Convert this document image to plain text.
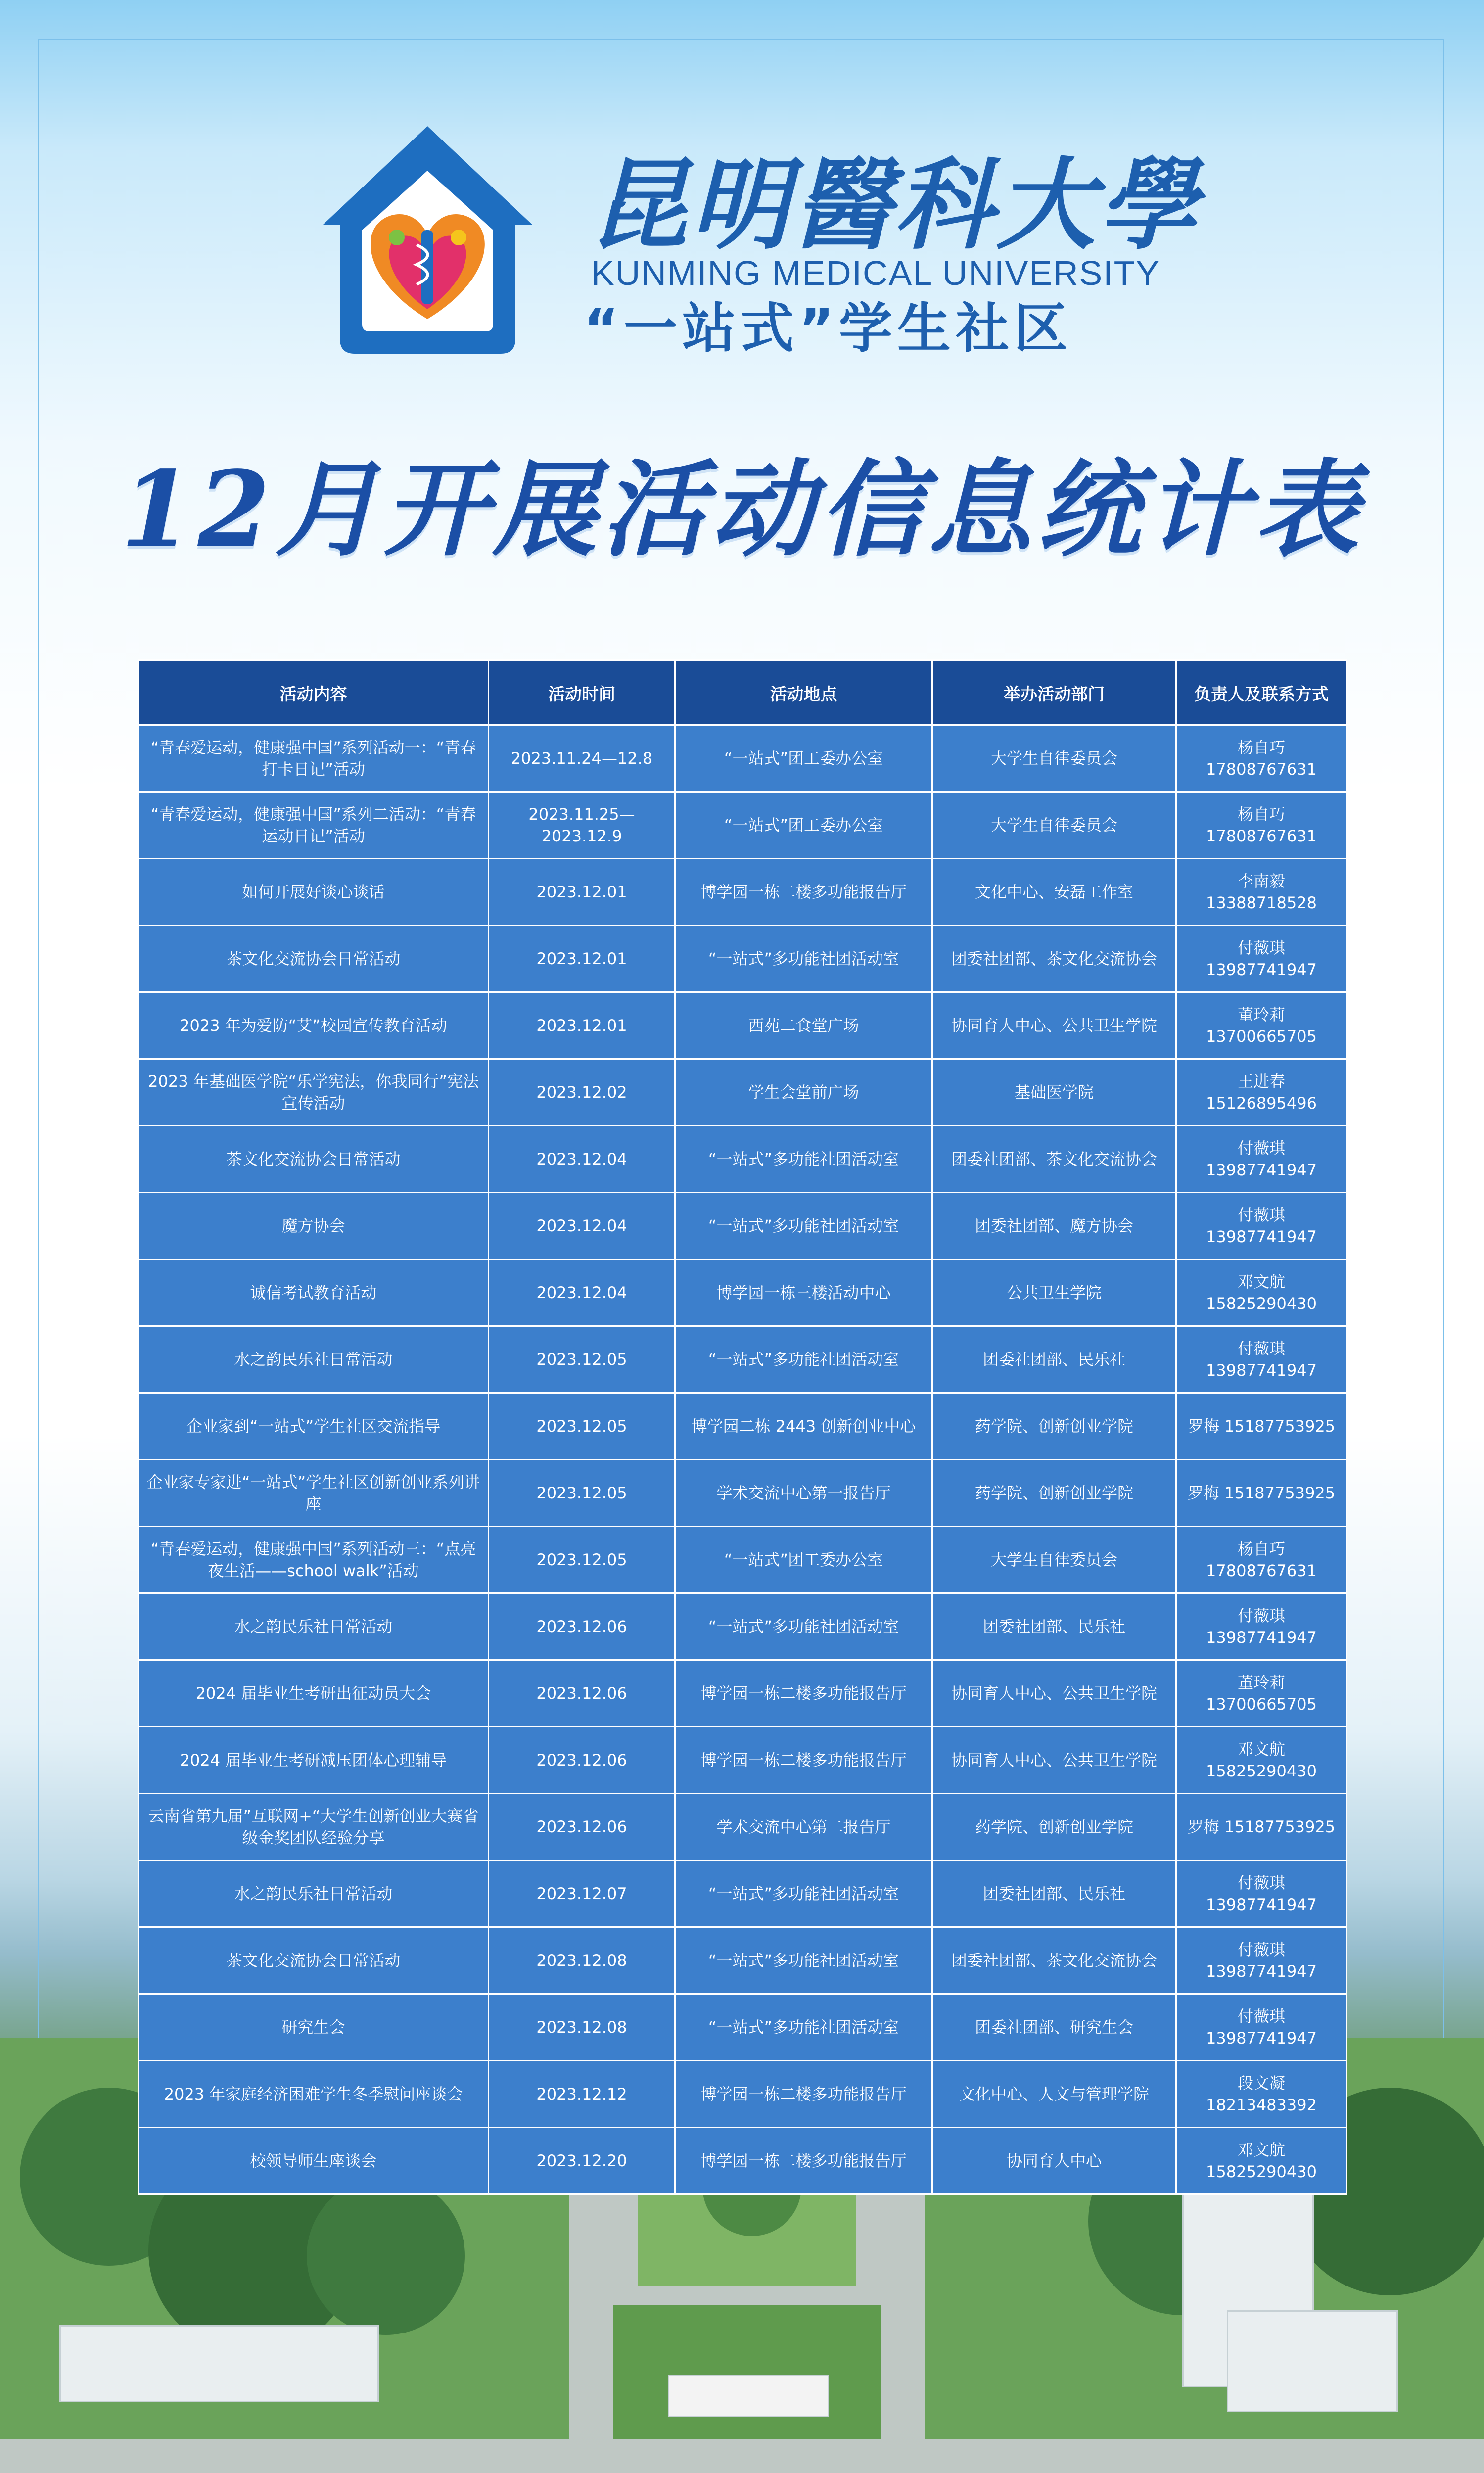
昆明醫科大學
KUNMING MEDICAL UNIVERSITY
“一站式”学生社区
12月开展活动信息统计表
活动内容	活动时间	活动地点	举办活动部门	负责人及联系方式
“青春爱运动，健康强中国”系列活动一：“青春打卡日记”活动	2023.11.24—12.8	“一站式”团工委办公室	大学生自律委员会	杨自巧 17808767631
“青春爱运动，健康强中国”系列二活动：“青春运动日记”活动	2023.11.25—2023.12.9	“一站式”团工委办公室	大学生自律委员会	杨自巧 17808767631
如何开展好谈心谈话	2023.12.01	博学园一栋二楼多功能报告厅	文化中心、安磊工作室	李南毅 13388718528
茶文化交流协会日常活动	2023.12.01	“一站式”多功能社团活动室	团委社团部、茶文化交流协会	付薇琪 13987741947
2023 年为爱防“艾”校园宣传教育活动	2023.12.01	西苑二食堂广场	协同育人中心、公共卫生学院	董玲莉 13700665705
2023 年基础医学院“乐学宪法，你我同行”宪法宣传活动	2023.12.02	学生会堂前广场	基础医学院	王进春 15126895496
茶文化交流协会日常活动	2023.12.04	“一站式”多功能社团活动室	团委社团部、茶文化交流协会	付薇琪 13987741947
魔方协会	2023.12.04	“一站式”多功能社团活动室	团委社团部、魔方协会	付薇琪 13987741947
诚信考试教育活动	2023.12.04	博学园一栋三楼活动中心	公共卫生学院	邓文航 15825290430
水之韵民乐社日常活动	2023.12.05	“一站式”多功能社团活动室	团委社团部、民乐社	付薇琪 13987741947
企业家到“一站式”学生社区交流指导	2023.12.05	博学园二栋 2443 创新创业中心	药学院、创新创业学院	罗梅 15187753925
企业家专家进“一站式”学生社区创新创业系列讲座	2023.12.05	学术交流中心第一报告厅	药学院、创新创业学院	罗梅 15187753925
“青春爱运动，健康强中国”系列活动三：“点亮夜生活——school walk”活动	2023.12.05	“一站式”团工委办公室	大学生自律委员会	杨自巧 17808767631
水之韵民乐社日常活动	2023.12.06	“一站式”多功能社团活动室	团委社团部、民乐社	付薇琪 13987741947
2024 届毕业生考研出征动员大会	2023.12.06	博学园一栋二楼多功能报告厅	协同育人中心、公共卫生学院	董玲莉 13700665705
2024 届毕业生考研减压团体心理辅导	2023.12.06	博学园一栋二楼多功能报告厅	协同育人中心、公共卫生学院	邓文航 15825290430
云南省第九届”互联网+“大学生创新创业大赛省级金奖团队经验分享	2023.12.06	学术交流中心第二报告厅	药学院、创新创业学院	罗梅 15187753925
水之韵民乐社日常活动	2023.12.07	“一站式”多功能社团活动室	团委社团部、民乐社	付薇琪 13987741947
茶文化交流协会日常活动	2023.12.08	“一站式”多功能社团活动室	团委社团部、茶文化交流协会	付薇琪 13987741947
研究生会	2023.12.08	“一站式”多功能社团活动室	团委社团部、研究生会	付薇琪 13987741947
2023 年家庭经济困难学生冬季慰问座谈会	2023.12.12	博学园一栋二楼多功能报告厅	文化中心、人文与管理学院	段文凝 18213483392
校领导师生座谈会	2023.12.20	博学园一栋二楼多功能报告厅	协同育人中心	邓文航 15825290430
